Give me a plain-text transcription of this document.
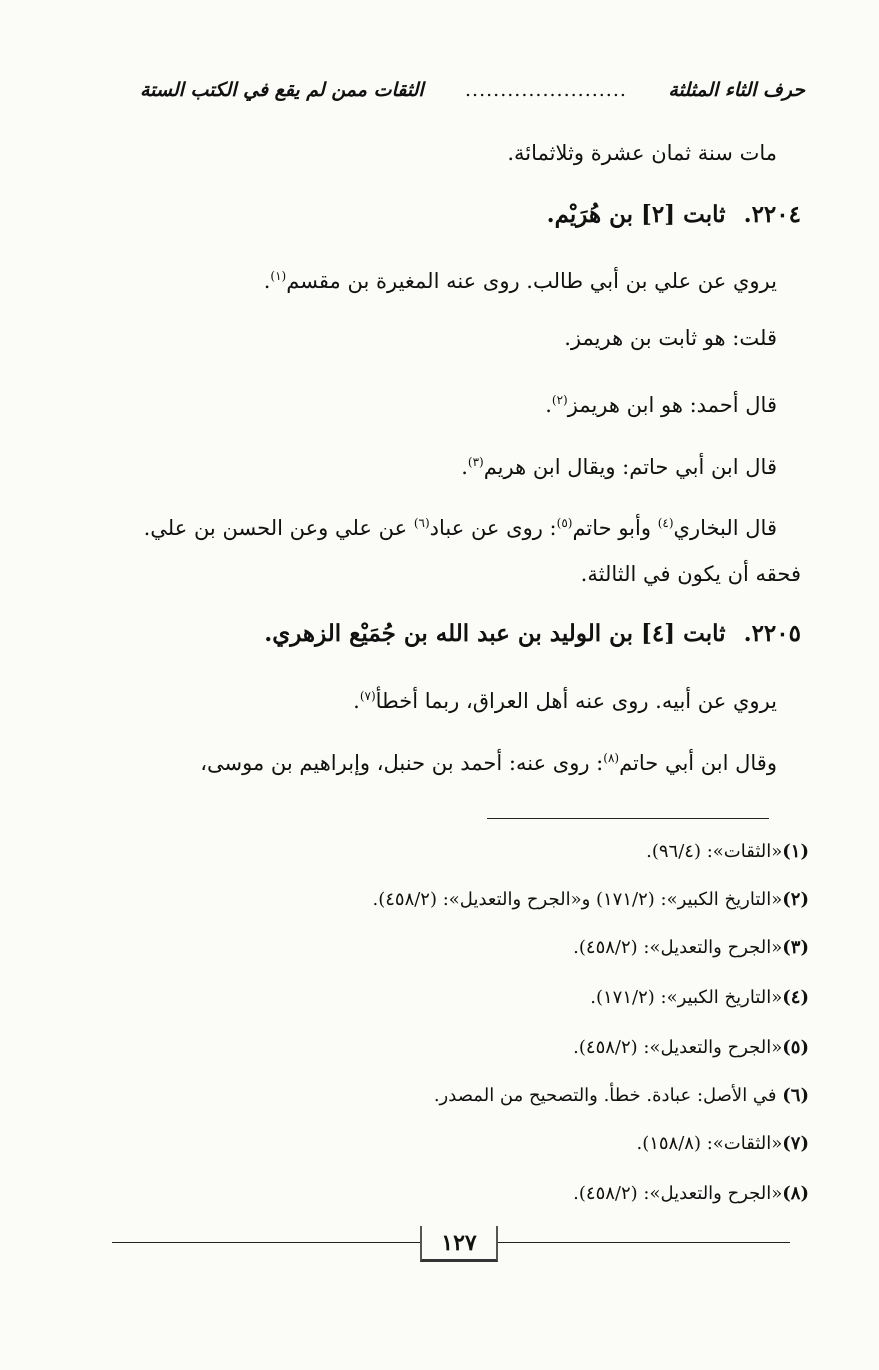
حرف الثاء المثلثة
.......................
الثقات ممن لم يقع في الكتب الستة
مات سنة ثمان عشرة وثلاثمائة.
٢٢٠٤.ثابت [٢] بن هُرَيْم.
يروي عن علي بن أبي طالب. روى عنه المغيرة بن مقسم$^{(١)}$.
قلت: هو ثابت بن هريمز.
قال أحمد: هو ابن هريمز$^{(٢)}$.
قال ابن أبي حاتم: ويقال ابن هريم$^{(٣)}$.
قال البخاري$^{(٤)}$ وأبو حاتم$^{(٥)}$: روى عن عباد$^{(٦)}$ عن علي وعن الحسن بن علي.
فحقه أن يكون في الثالثة.
٢٢٠٥.ثابت [٤] بن الوليد بن عبد الله بن جُمَيْع الزهري.
يروي عن أبيه. روى عنه أهل العراق، ربما أخطأ$^{(٧)}$.
وقال ابن أبي حاتم$^{(٨)}$: روى عنه: أحمد بن حنبل، وإبراهيم بن موسى،
(١)«الثقات»: (٩٦/٤).
(٢)«التاريخ الكبير»: (١٧١/٢) و«الجرح والتعديل»: (٤٥٨/٢).
(٣)«الجرح والتعديل»: (٤٥٨/٢).
(٤)«التاريخ الكبير»: (١٧١/٢).
(٥)«الجرح والتعديل»: (٤٥٨/٢).
(٦) في الأصل: عبادة. خطأ. والتصحيح من المصدر.
(٧)«الثقات»: (١٥٨/٨).
(٨)«الجرح والتعديل»: (٤٥٨/٢).
١٢٧
